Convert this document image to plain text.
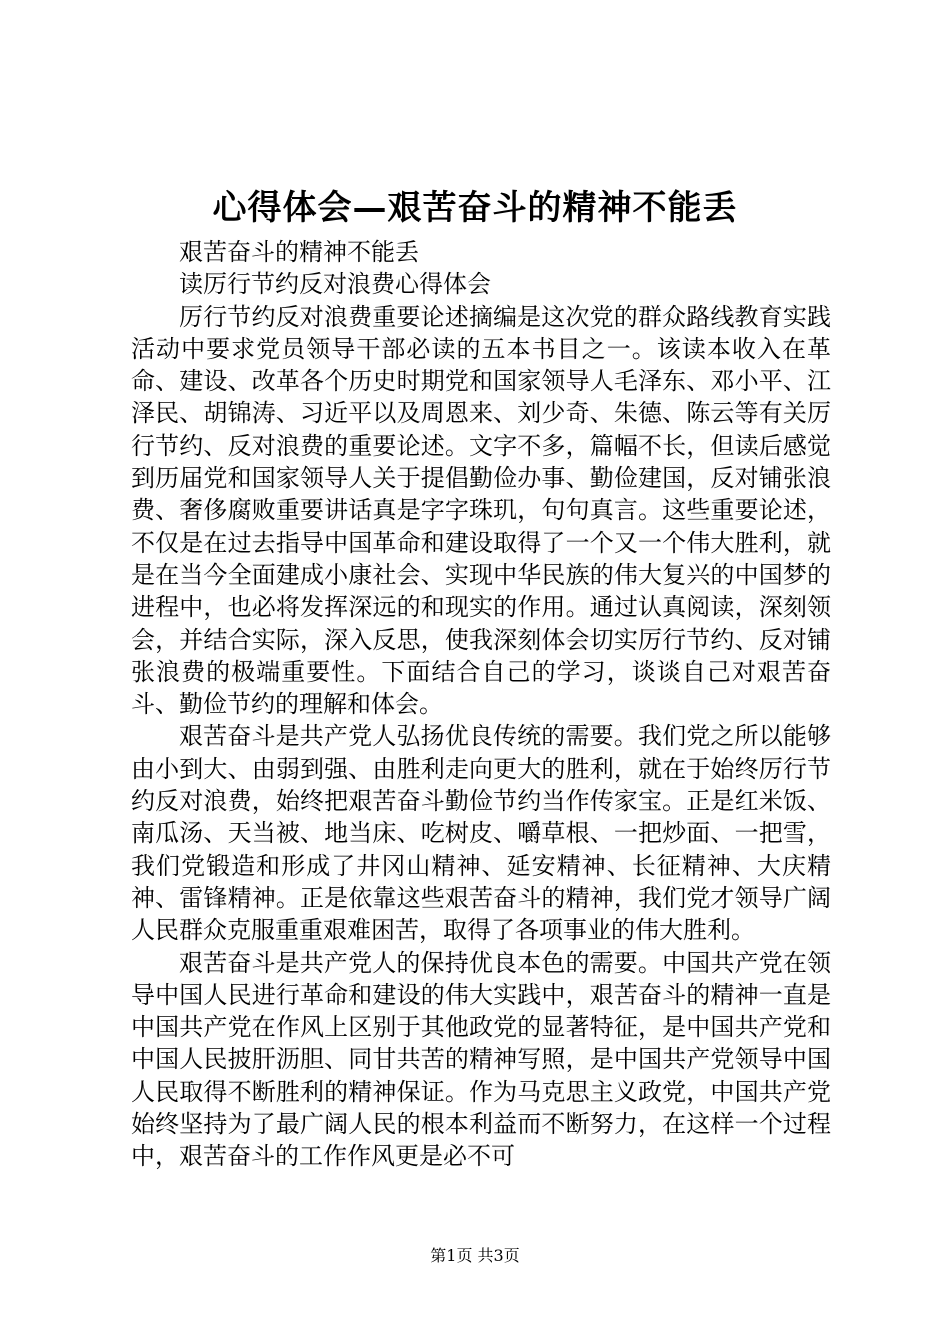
心得体会—艰苦奋斗的精神不能丢

艰苦奋斗的精神不能丢

读厉行节约反对浪费心得体会

厉行节约反对浪费重要论述摘编是这次党的群众路线教育实践活动中要求党员领导干部必读的五本书目之一。该读本收入在革命、建设、改革各个历史时期党和国家领导人毛泽东、邓小平、江泽民、胡锦涛、习近平以及周恩来、刘少奇、朱德、陈云等有关厉行节约、反对浪费的重要论述。文字不多，篇幅不长，但读后感觉到历届党和国家领导人关于提倡勤俭办事、勤俭建国，反对铺张浪费、奢侈腐败重要讲话真是字字珠玑，句句真言。这些重要论述，不仅是在过去指导中国革命和建设取得了一个又一个伟大胜利，就是在当今全面建成小康社会、实现中华民族的伟大复兴的中国梦的进程中，也必将发挥深远的和现实的作用。通过认真阅读，深刻领会，并结合实际，深入反思，使我深刻体会切实厉行节约、反对铺张浪费的极端重要性。下面结合自己的学习，谈谈自己对艰苦奋斗、勤俭节约的理解和体会。

艰苦奋斗是共产党人弘扬优良传统的需要。我们党之所以能够由小到大、由弱到强、由胜利走向更大的胜利，就在于始终厉行节约反对浪费，始终把艰苦奋斗勤俭节约当作传家宝。正是红米饭、南瓜汤、天当被、地当床、吃树皮、嚼草根、一把炒面、一把雪，我们党锻造和形成了井冈山精神、延安精神、长征精神、大庆精神、雷锋精神。正是依靠这些艰苦奋斗的精神，我们党才领导广阔人民群众克服重重艰难困苦，取得了各项事业的伟大胜利。

艰苦奋斗是共产党人的保持优良本色的需要。中国共产党在领导中国人民进行革命和建设的伟大实践中，艰苦奋斗的精神一直是中国共产党在作风上区别于其他政党的显著特征，是中国共产党和中国人民披肝沥胆、同甘共苦的精神写照，是中国共产党领导中国人民取得不断胜利的精神保证。作为马克思主义政党，中国共产党始终坚持为了最广阔人民的根本利益而不断努力，在这样一个过程中，艰苦奋斗的工作作风更是必不可

第1页 共3页
